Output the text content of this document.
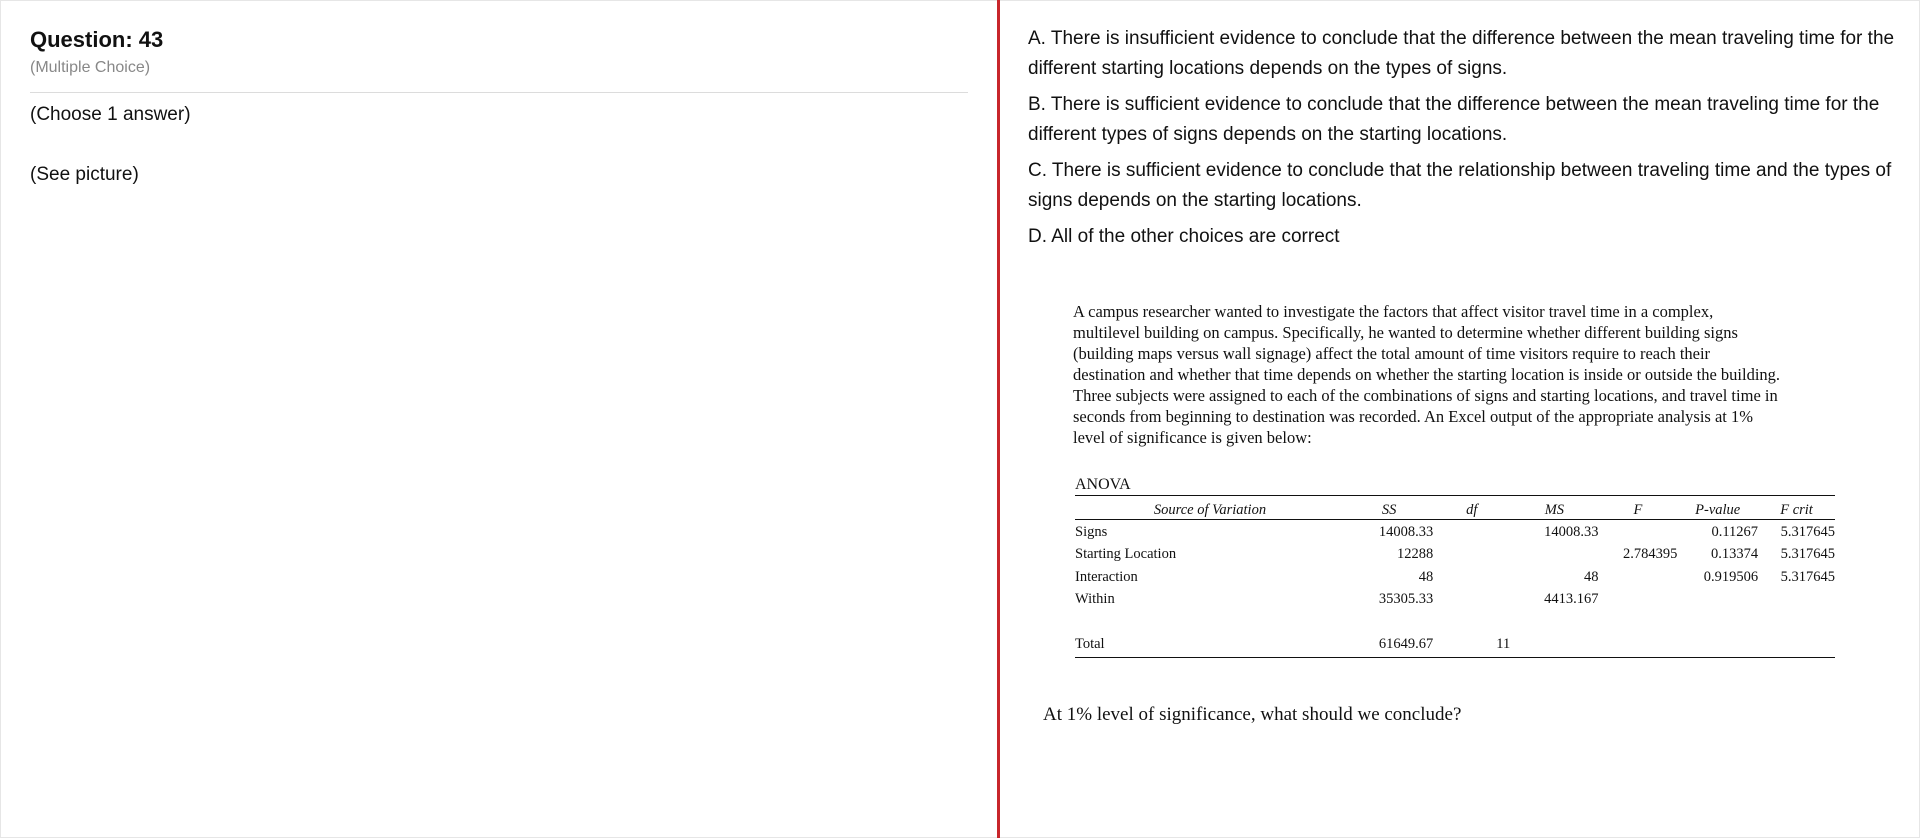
Question: 43
(Multiple Choice)
(Choose 1 answer)
(See picture)
A. There is insufficient evidence to conclude that the difference between the mean traveling time for the different starting locations depends on the types of signs.
B. There is sufficient evidence to conclude that the difference between the mean traveling time for the different types of signs depends on the starting locations.
C. There is sufficient evidence to conclude that the relationship between traveling time and the types of signs depends on the starting locations.
D. All of the other choices are correct
A campus researcher wanted to investigate the factors that affect visitor travel time in a complex,
multilevel building on campus. Specifically, he wanted to determine whether different building signs
(building maps versus wall signage) affect the total amount of time visitors require to reach their
destination and whether that time depends on whether the starting location is inside or outside the building.
Three subjects were assigned to each of the combinations of signs and starting locations, and travel time in
seconds from beginning to destination was recorded. An Excel output of the appropriate analysis at 1%
level of significance is given below:
ANOVA
Source of Variation	SS	df	MS	F	P-value	F crit
Signs	14008.33		14008.33		0.11267	5.317645
Starting Location	12288			2.784395	0.13374	5.317645
Interaction	48		48		0.919506	5.317645
Within	35305.33		4413.167			

Total	61649.67	11				
At 1% level of significance, what should we conclude?
